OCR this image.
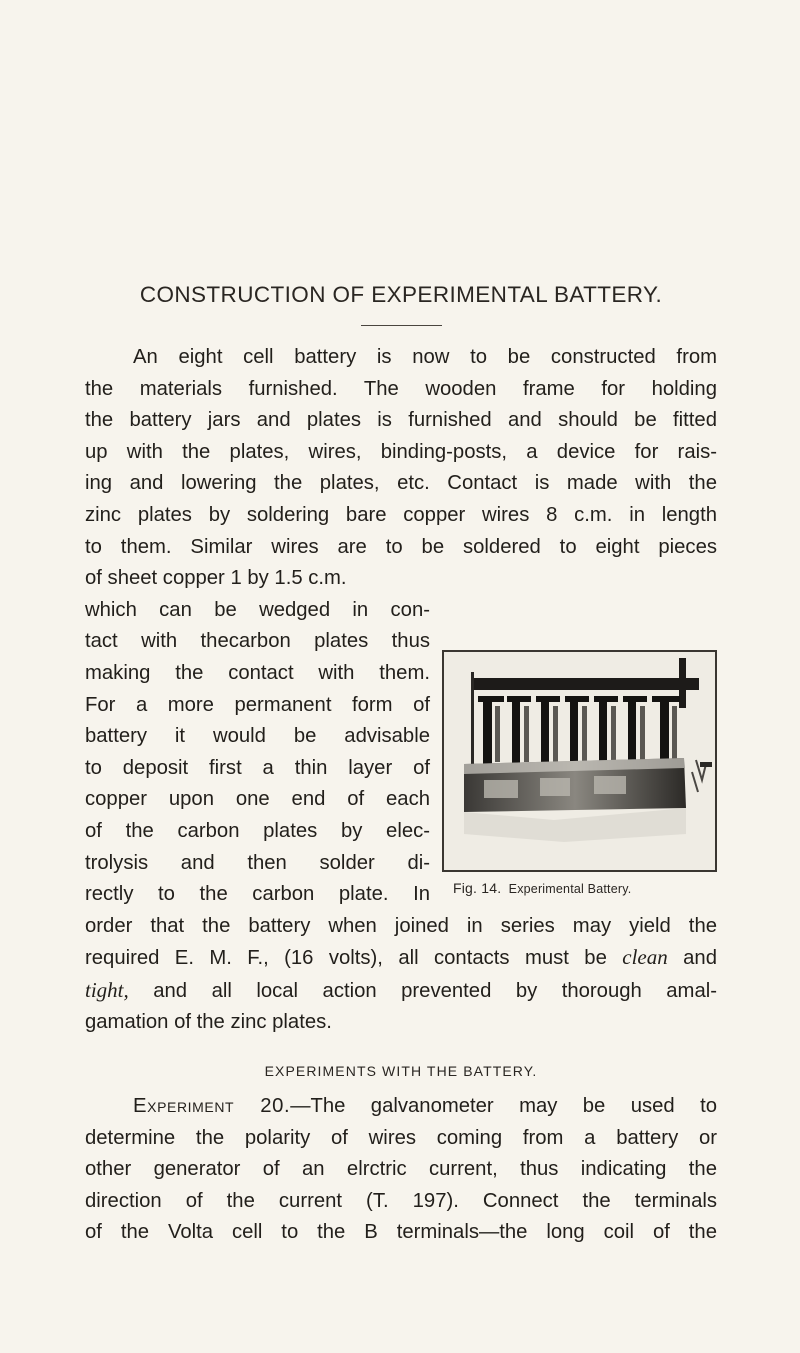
CONSTRUCTION OF EXPERIMENTAL BATTERY.
An eight cell battery is now to be constructed from
the materials furnished. The wooden frame for holding
the battery jars and plates is furnished and should be fitted
up with the plates, wires, binding-posts, a device for rais-
ing and lowering the plates, etc. Contact is made with the
zinc plates by soldering bare copper wires 8 c.m. in length
to them. Similar wires are to be soldered to eight pieces
of sheet copper 1 by 1.5 c.m.
which can be wedged in con-
tact with thecarbon plates thus
making the contact with them.
For a more permanent form of
battery it would be advisable
to deposit first a thin layer of
copper upon one end of each
of the carbon plates by elec-
trolysis and then solder di-
rectly to the carbon plate. In
order that the battery when joined in series may yield the
required E. M. F., (16 volts), all contacts must be clean and
tight, and all local action prevented by thorough amal-
gamation of the zinc plates.
Fig. 14. Experimental Battery.
EXPERIMENTS WITH THE BATTERY.
Experiment 20.—The galvanometer may be used to
determine the polarity of wires coming from a battery or
other generator of an elrctric current, thus indicating the
direction of the current (T. 197). Connect the terminals
of the Volta cell to the B terminals—the long coil of the
